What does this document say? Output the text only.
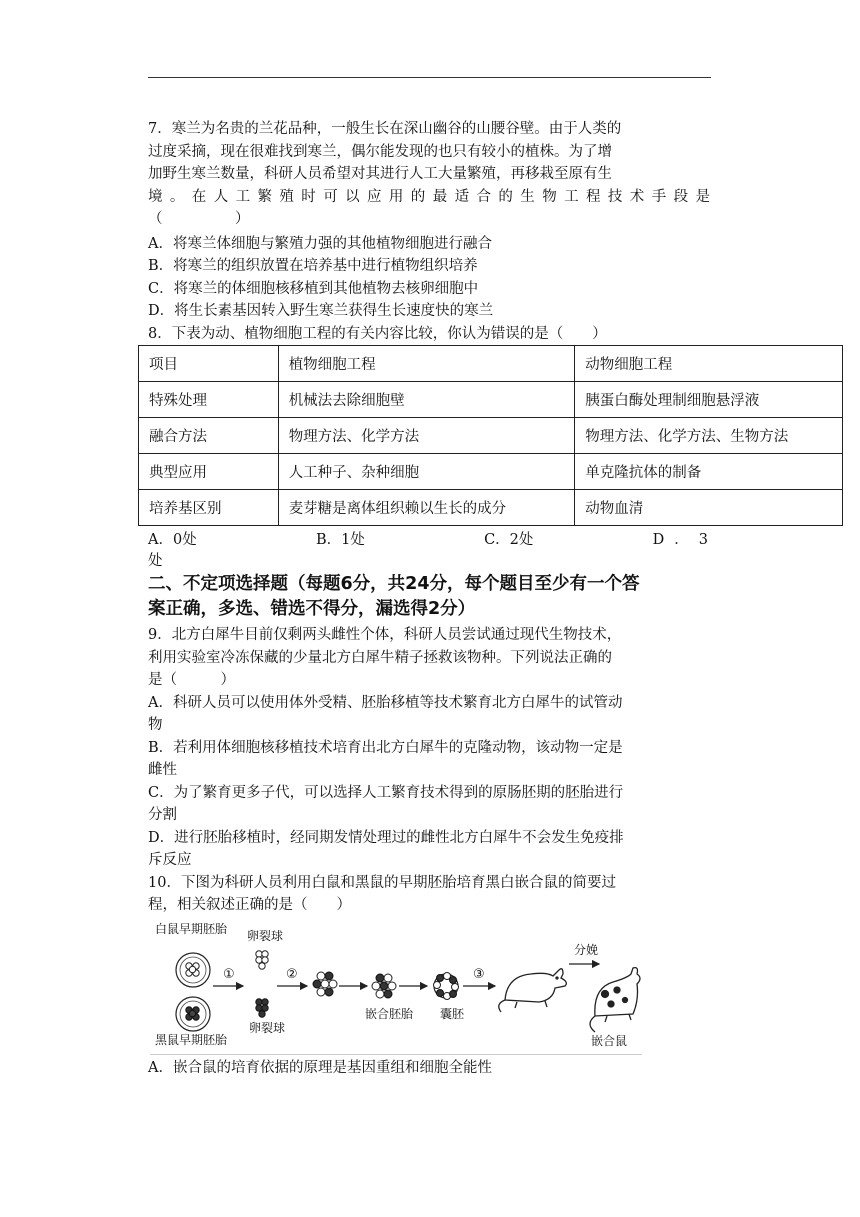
7．寒兰为名贵的兰花品种，一般生长在深山幽谷的山腰谷壁。由于人类的

过度采摘，现在很难找到寒兰，偶尔能发现的也只有较小的植株。为了增

加野生寒兰数量，科研人员希望对其进行人工大量繁殖，再移栽至原有生

境。在人工繁殖时可以应用的最适合的生物工程技术手段是

（　　　　　）

A．将寒兰体细胞与繁殖力强的其他植物细胞进行融合

B．将寒兰的组织放置在培养基中进行植物组织培养

C．将寒兰的体细胞核移植到其他植物去核卵细胞中

D．将生长素基因转入野生寒兰获得生长速度快的寒兰

8．下表为动、植物细胞工程的有关内容比较，你认为错误的是（　　）

项目	植物细胞工程	动物细胞工程
特殊处理	机械法去除细胞壁	胰蛋白酶处理制细胞悬浮液
融合方法	物理方法、化学方法	物理方法、化学方法、生物方法
典型应用	人工种子、杂种细胞	单克隆抗体的制备
培养基区别	麦芽糖是离体组织赖以生长的成分	动物血清
A．0处	B．1处	C．2处	D．3
处

二、不定项选择题（每题6分，共24分，每个题目至少有一个答

案正确，多选、错选不得分，漏选得2分）

9．北方白犀牛目前仅剩两头雌性个体，科研人员尝试通过现代生物技术，

利用实验室冷冻保藏的少量北方白犀牛精子拯救该物种。下列说法正确的

是（　　　）

A．科研人员可以使用体外受精、胚胎移植等技术繁育北方白犀牛的试管动

物

B．若利用体细胞核移植技术培育出北方白犀牛的克隆动物，该动物一定是

雌性

C．为了繁育更多子代，可以选择人工繁育技术得到的原肠胚期的胚胎进行

分割

D．进行胚胎移植时，经同期发情处理过的雌性北方白犀牛不会发生免疫排

斥反应

10．下图为科研人员利用白鼠和黑鼠的早期胚胎培育黑白嵌合鼠的简要过

程，相关叙述正确的是（　　）

白鼠早期胚胎
黑鼠早期胚胎
①
卵裂球
卵裂球
②
嵌合胚胎 囊胚
③
分娩
嵌合鼠
A．嵌合鼠的培育依据的原理是基因重组和细胞全能性
